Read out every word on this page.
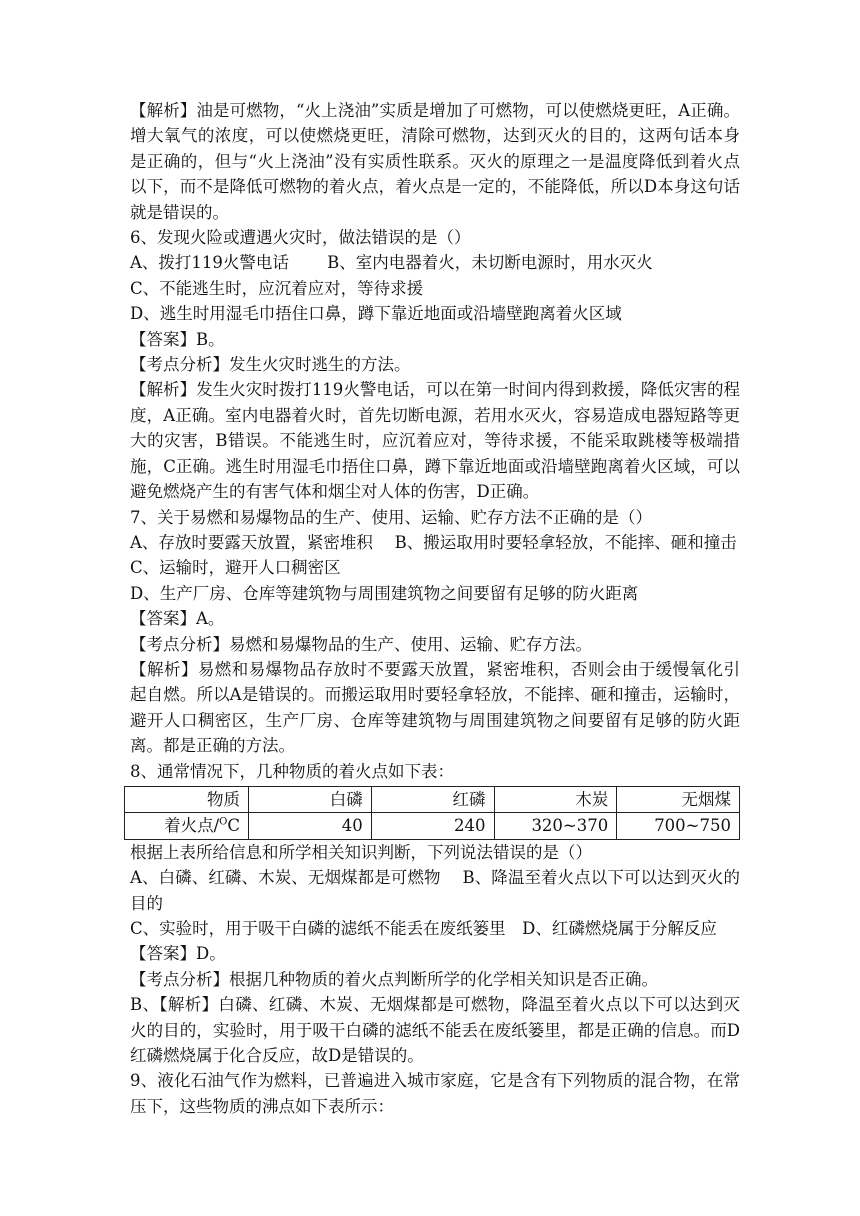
【解析】油是可燃物，“火上浇油”实质是增加了可燃物，可以使燃烧更旺，A正确。增大氧气的浓度，可以使燃烧更旺，清除可燃物，达到灭火的目的，这两句话本身是正确的，但与“火上浇油”没有实质性联系。灭火的原理之一是温度降低到着火点以下，而不是降低可燃物的着火点，着火点是一定的，不能降低，所以D本身这句话就是错误的。

6、发现火险或遭遇火灾时，做法错误的是（）

A、拨打119火警电话　　 B、室内电器着火，未切断电源时，用水灭火

C、不能逃生时，应沉着应对，等待求援

D、逃生时用湿毛巾捂住口鼻，蹲下靠近地面或沿墙壁跑离着火区域

【答案】B。

【考点分析】发生火灾时逃生的方法。

【解析】发生火灾时拨打119火警电话，可以在第一时间内得到救援，降低灾害的程度，A正确。室内电器着火时，首先切断电源，若用水灭火，容易造成电器短路等更大的灾害，B错误。不能逃生时，应沉着应对，等待求援，不能采取跳楼等极端措施，C正确。逃生时用湿毛巾捂住口鼻，蹲下靠近地面或沿墙壁跑离着火区域，可以避免燃烧产生的有害气体和烟尘对人体的伤害，D正确。

7、关于易燃和易爆物品的生产、使用、运输、贮存方法不正确的是（）

A、存放时要露天放置，紧密堆积　 B、搬运取用时要轻拿轻放，不能摔、砸和撞击

C、运输时，避开人口稠密区

D、生产厂房、仓库等建筑物与周围建筑物之间要留有足够的防火距离

【答案】A。

【考点分析】易燃和易爆物品的生产、使用、运输、贮存方法。

【解析】易燃和易爆物品存放时不要露天放置，紧密堆积，否则会由于缓慢氧化引起自燃。所以A是错误的。而搬运取用时要轻拿轻放，不能摔、砸和撞击，运输时，避开人口稠密区，生产厂房、仓库等建筑物与周围建筑物之间要留有足够的防火距离。都是正确的方法。

8、通常情况下，几种物质的着火点如下表：

物质	白磷	红磷	木炭	无烟煤

着火点/$^O$C	40	240	320~370	700~750

根据上表所给信息和所学相关知识判断，下列说法错误的是（）

A、白磷、红磷、木炭、无烟煤都是可燃物　 B、降温至着火点以下可以达到灭火的目的

C、实验时，用于吸干白磷的滤纸不能丢在废纸篓里　D、红磷燃烧属于分解反应

【答案】D。

【考点分析】根据几种物质的着火点判断所学的化学相关知识是否正确。

B、【解析】白磷、红磷、木炭、无烟煤都是可燃物，降温至着火点以下可以达到灭火的目的，实验时，用于吸干白磷的滤纸不能丢在废纸篓里，都是正确的信息。而D红磷燃烧属于化合反应，故D是错误的。

9、液化石油气作为燃料，已普遍进入城市家庭，它是含有下列物质的混合物，在常压下，这些物质的沸点如下表所示：
